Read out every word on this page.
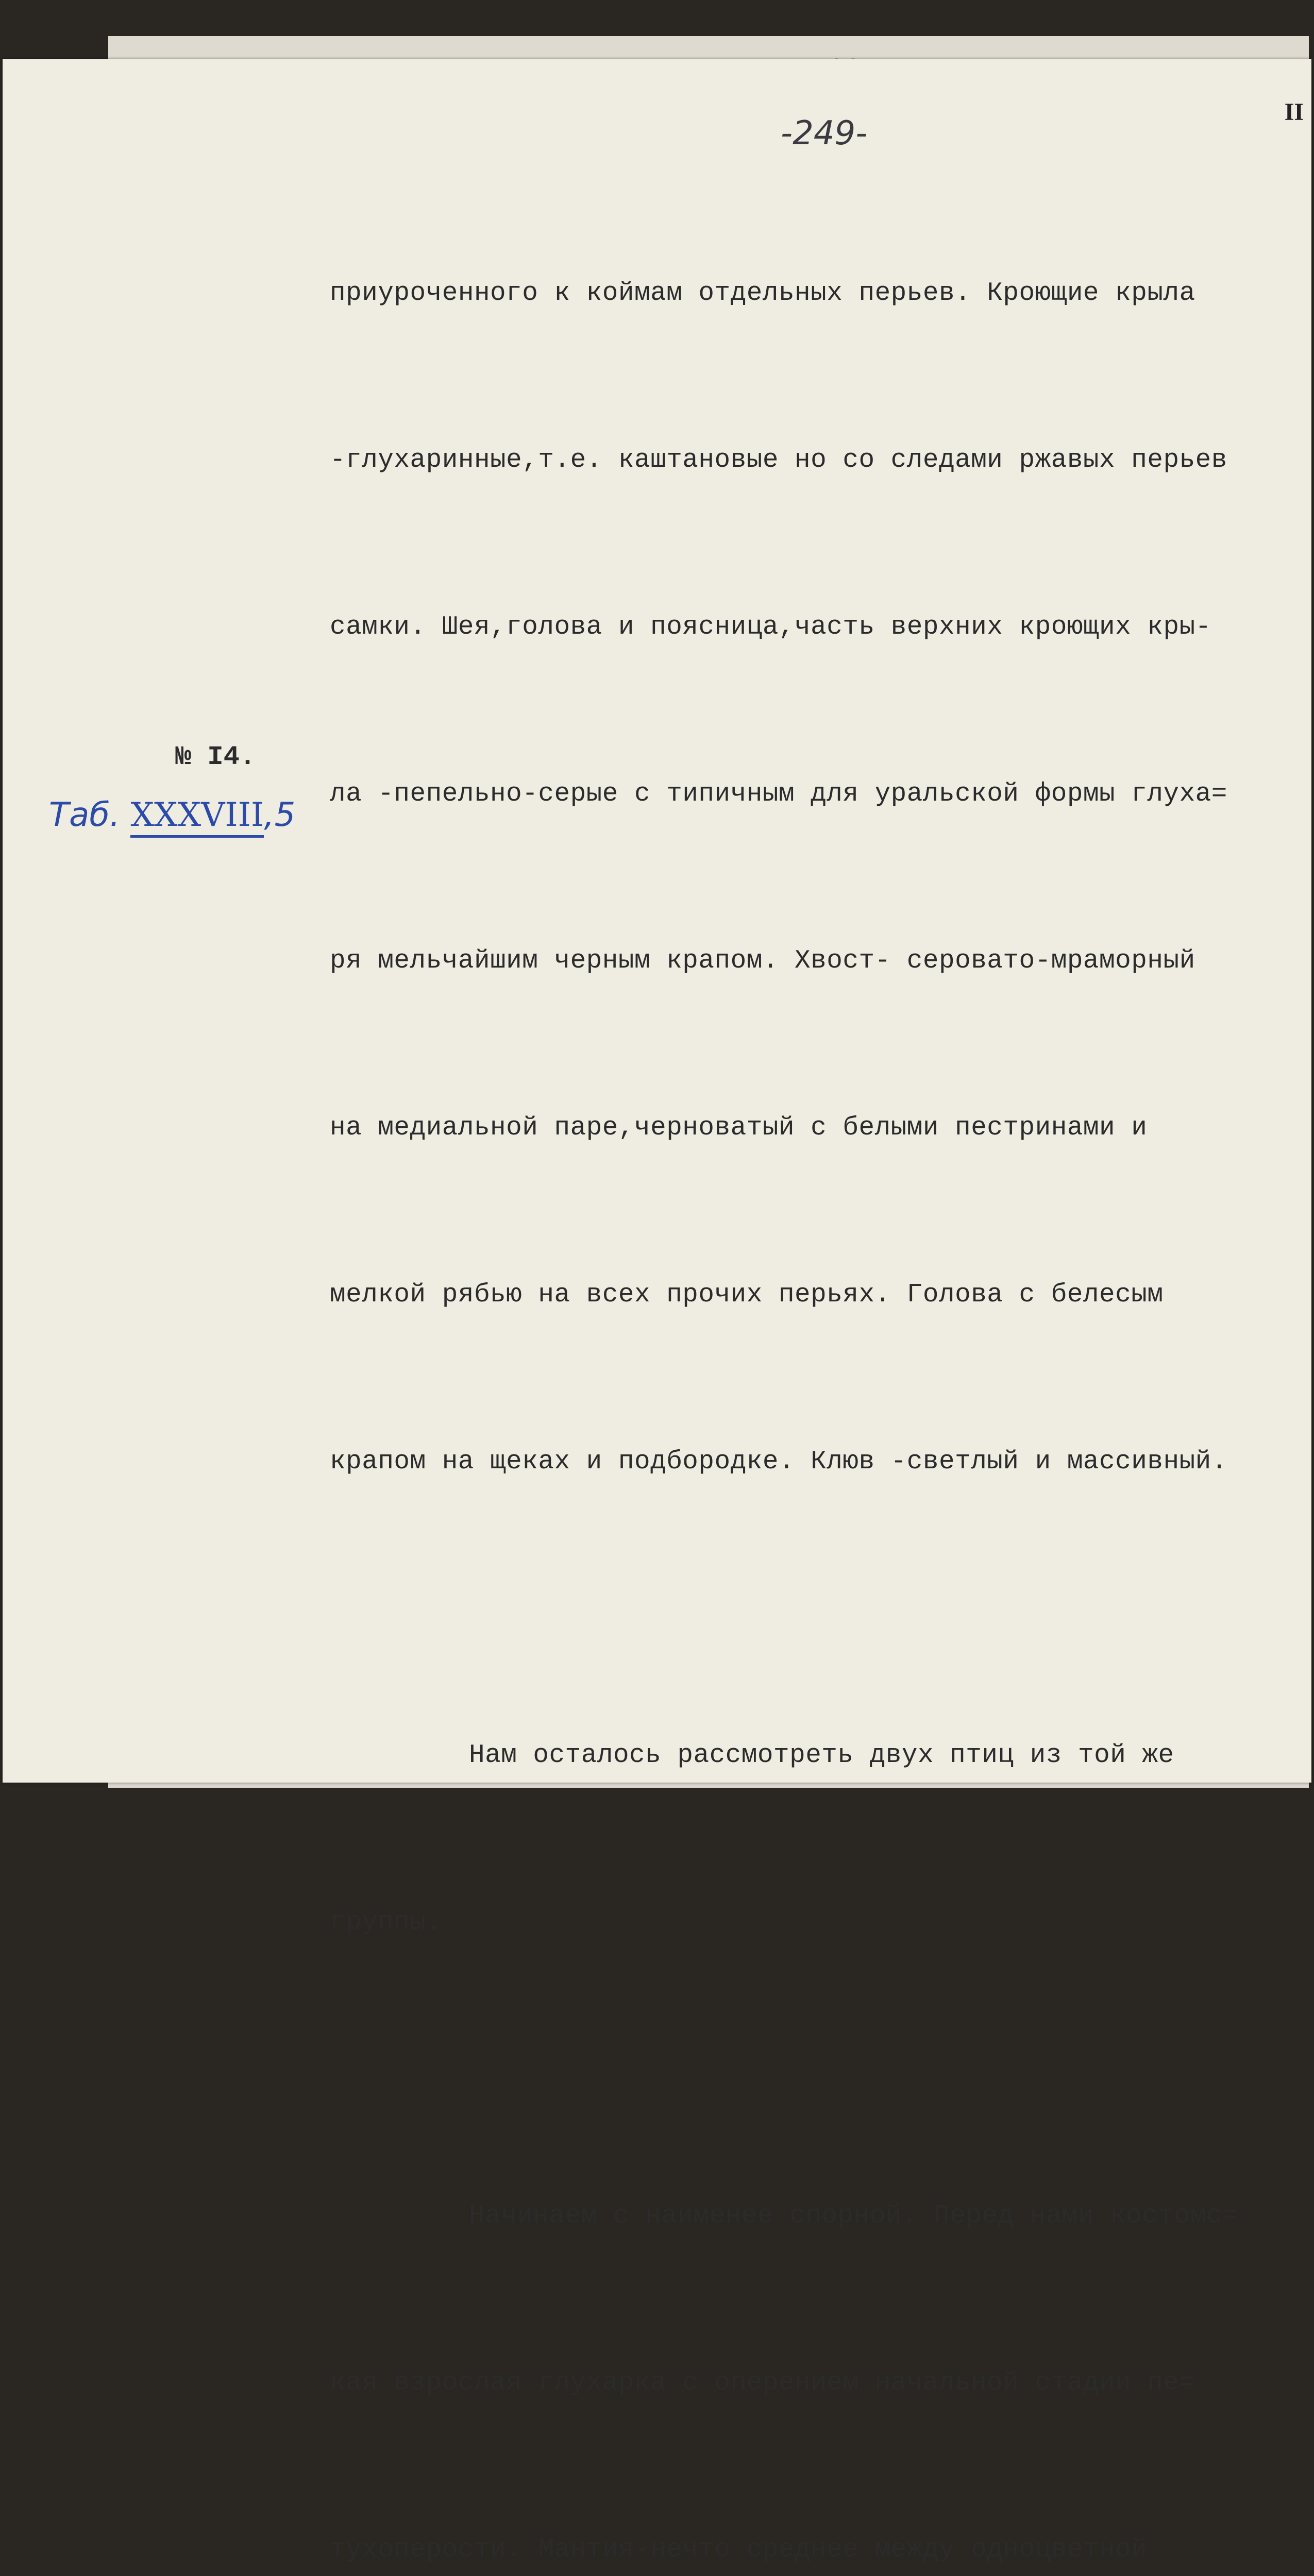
-249-
II
№ I4.
Таб. XXXVIII,5

приуроченного к коймам отдельных перьев. Кроющие крыла

-глухаринные,т.е. каштановые но со следами ржавых перьев

самки. Шея,голова и поясница,часть верхних кроющих кры-

ла -пепельно-серые с типичным для уральской формы глуха=

ря мельчайшим черным крапом. Хвост- серовато-мраморный

на медиальной паре,черноватый с белыми пестринами и

мелкой рябью на всех прочих перьях. Голова с белесым

крапом на щеках и подбородке. Клюв -светлый и массивный.

Нам осталось рассмотреть двух птиц из той же

группы.

Начинаем с наименее спорной. Перед нами костомс=

кая взрослая глухарка с оперением начальной стадии пе=

тухоперости. Мантия-нечто среднее между одноцветной
